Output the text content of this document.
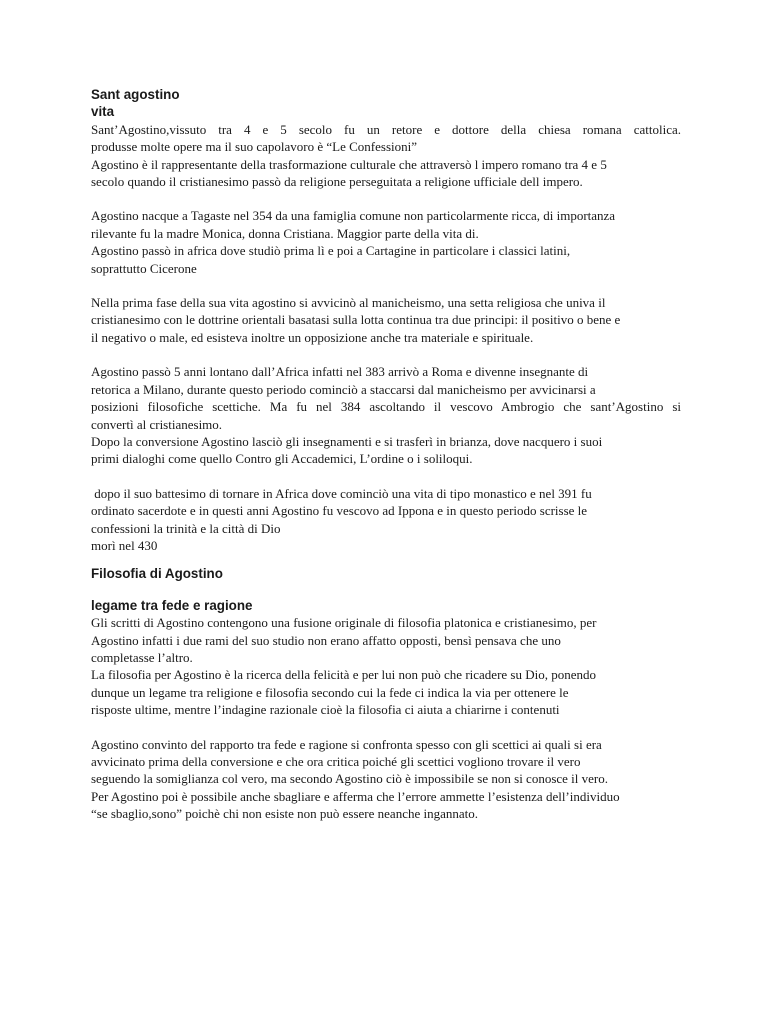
Sant agostino
vita

Sant’Agostino,vissuto tra 4 e 5 secolo fu un retore e dottore della chiesa romana cattolica.
produsse molte opere ma il suo capolavoro è “Le Confessioni”
Agostino è il rappresentante della trasformazione culturale che attraversò l impero romano tra 4 e 5
secolo quando il cristianesimo passò da religione perseguitata a religione ufficiale dell impero.

Agostino nacque a Tagaste nel 354 da una famiglia comune non particolarmente ricca, di importanza
rilevante fu la madre Monica, donna Cristiana. Maggior parte della vita di.
Agostino passò in africa dove studiò prima lì e poi a Cartagine in particolare i classici latini,
soprattutto Cicerone

Nella prima fase della sua vita agostino si avvicinò al manicheismo, una setta religiosa che univa il
cristianesimo con le dottrine orientali basatasi sulla lotta continua tra due principi: il positivo o bene e
il negativo o male, ed esisteva inoltre un opposizione anche tra materiale e spirituale.

Agostino passò 5 anni lontano dall’Africa infatti nel 383 arrivò a Roma e divenne insegnante di
retorica a Milano, durante questo periodo cominciò a staccarsi dal manicheismo per avvicinarsi a
posizioni filosofiche scettiche. Ma fu nel 384 ascoltando il vescovo Ambrogio che sant’Agostino si
convertì al cristianesimo.
Dopo la conversione Agostino lasciò gli insegnamenti e si trasferì in brianza, dove nacquero i suoi
primi dialoghi come quello Contro gli Accademici, L’ordine o i soliloqui.

dopo il suo battesimo di tornare in Africa dove cominciò una vita di tipo monastico e nel 391 fu
ordinato sacerdote e in questi anni Agostino fu vescovo ad Ippona e in questo periodo scrisse le
confessioni la trinità e la città di Dio
morì nel 430

Filosofia di Agostino
legame tra fede e ragione

Gli scritti di Agostino contengono una fusione originale di filosofia platonica e cristianesimo, per
Agostino infatti i due rami del suo studio non erano affatto opposti, bensì pensava che uno
completasse l’altro.
La filosofia per Agostino è la ricerca della felicità e per lui non può che ricadere su Dio, ponendo
dunque un legame tra religione e filosofia secondo cui la fede ci indica la via per ottenere le
risposte ultime, mentre l’indagine razionale cioè la filosofia ci aiuta a chiarirne i contenuti

Agostino convinto del rapporto tra fede e ragione si confronta spesso con gli scettici ai quali si era
avvicinato prima della conversione e che ora critica poiché gli scettici vogliono trovare il vero
seguendo la somiglianza col vero, ma secondo Agostino ciò è impossibile se non si conosce il vero.
Per Agostino poi è possibile anche sbagliare e afferma che l’errore ammette l’esistenza dell’individuo
“se sbaglio,sono” poichè chi non esiste non può essere neanche ingannato.
